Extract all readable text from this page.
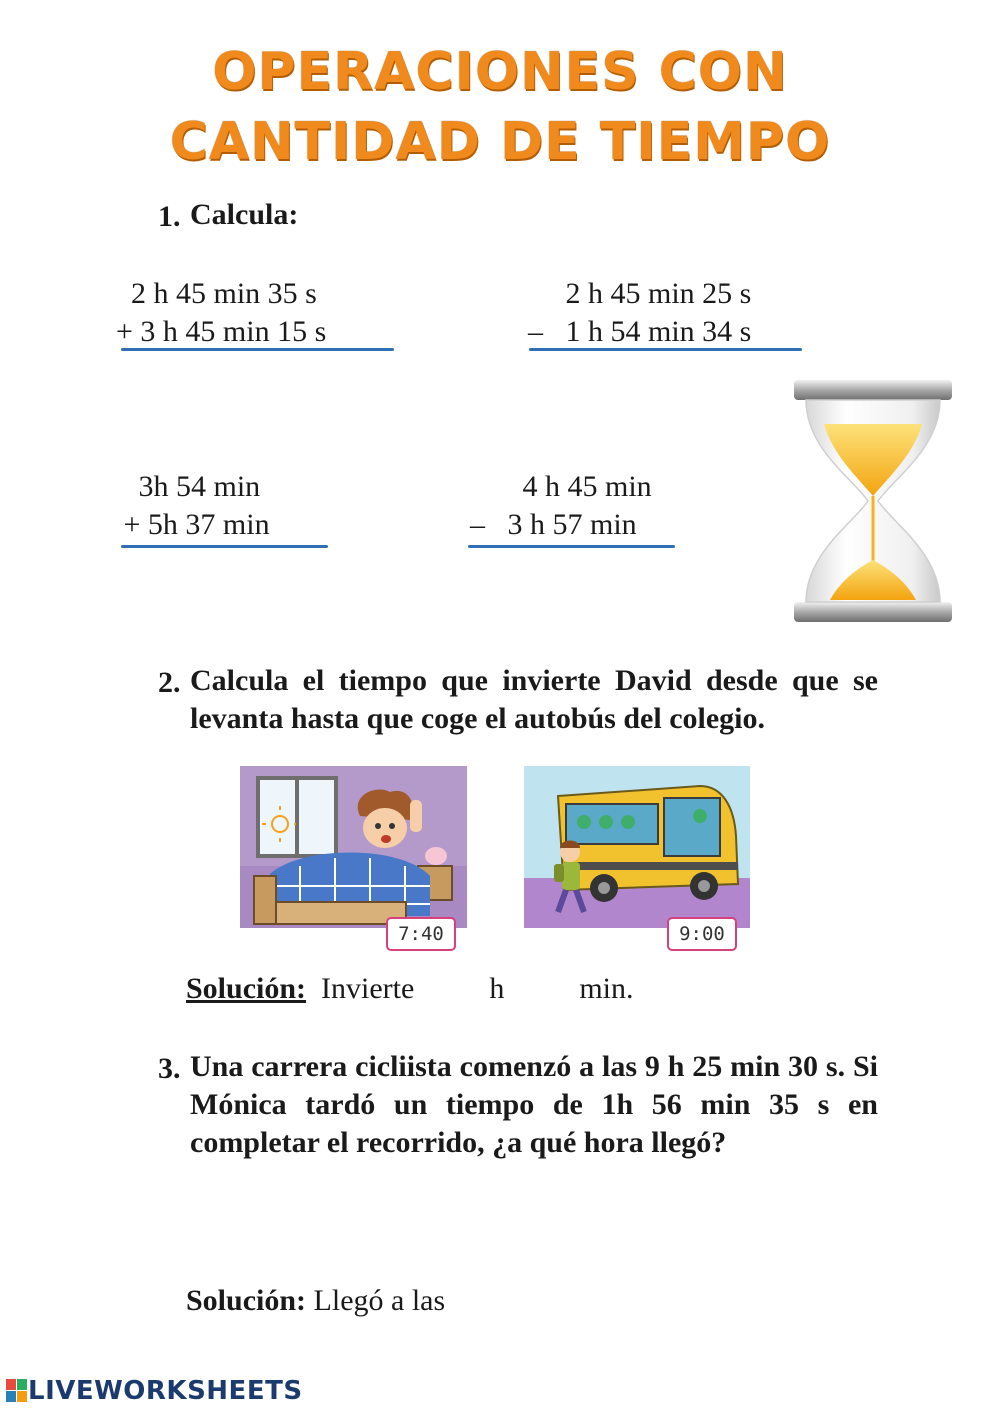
OPERACIONES CON
CANTIDAD DE TIEMPO
1. Calcula:
2 h 45 min 35 s
+ 3 h 45 min 15 s
2 h 45 min 25 s
–   1 h 54 min 34 s
3h 54 min
+ 5h 37 min
4 h 45 min
–   3 h 57 min
2. Calcula el tiempo que invierte David desde que se levanta hasta que coge el autobús del colegio.
7:40	9:00
Solución:  Invierte          h          min.
3. Una carrera cicliista comenzó a las 9 h 25 min 30 s. Si Mónica tardó un tiempo de 1h 56 min 35 s en completar el recorrido, ¿a qué hora llegó?
Solución: Llegó a las
LIVEWORKSHEETS
